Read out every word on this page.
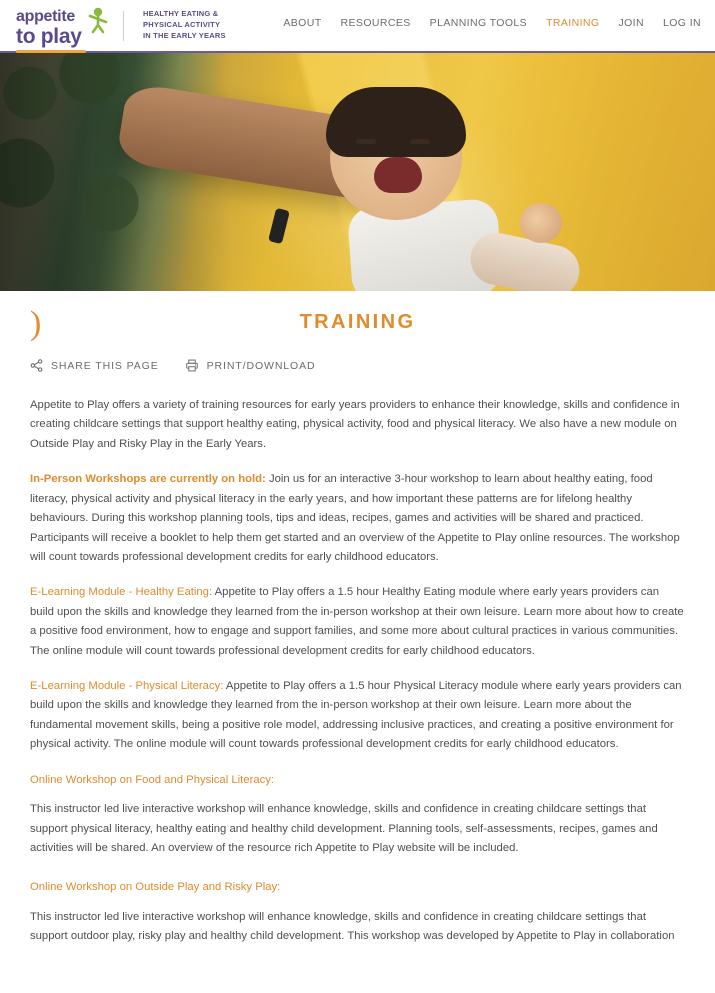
appetite
to play
HEALTHY EATING &
PHYSICAL ACTIVITY
IN THE EARLY YEARS
ABOUT RESOURCES PLANNING TOOLS TRAINING JOIN LOG IN
)	TRAINING
SHARE THIS PAGE	PRINT/DOWNLOAD

Appetite to Play offers a variety of training resources for early years providers to enhance their knowledge, skills and confidence in creating childcare settings that support healthy eating, physical activity, food and physical literacy. We also have a new module on Outside Play and Risky Play in the Early Years.

In-Person Workshops are currently on hold: Join us for an interactive 3-hour workshop to learn about healthy eating, food literacy, physical activity and physical literacy in the early years, and how important these patterns are for lifelong healthy behaviours. During this workshop planning tools, tips and ideas, recipes, games and activities will be shared and practiced. Participants will receive a booklet to help them get started and an overview of the Appetite to Play online resources. The workshop will count towards professional development credits for early childhood educators.

E-Learning Module - Healthy Eating: Appetite to Play offers a 1.5 hour Healthy Eating module where early years providers can build upon the skills and knowledge they learned from the in-person workshop at their own leisure. Learn more about how to create a positive food environment, how to engage and support families, and some more about cultural practices in various communities. The online module will count towards professional development credits for early childhood educators.

E-Learning Module - Physical Literacy: Appetite to Play offers a 1.5 hour Physical Literacy module where early years providers can build upon the skills and knowledge they learned from the in-person workshop at their own leisure. Learn more about the fundamental movement skills, being a positive role model, addressing inclusive practices, and creating a positive environment for physical activity. The online module will count towards professional development credits for early childhood educators.

Online Workshop on Food and Physical Literacy:

This instructor led live interactive workshop will enhance knowledge, skills and confidence in creating childcare settings that support physical literacy, healthy eating and healthy child development. Planning tools, self-assessments, recipes, games and activities will be shared. An overview of the resource rich Appetite to Play website will be included.

Online Workshop on Outside Play and Risky Play:

This instructor led live interactive workshop will enhance knowledge, skills and confidence in creating childcare settings that support outdoor play, risky play and healthy child development. This workshop was developed by Appetite to Play in collaboration
